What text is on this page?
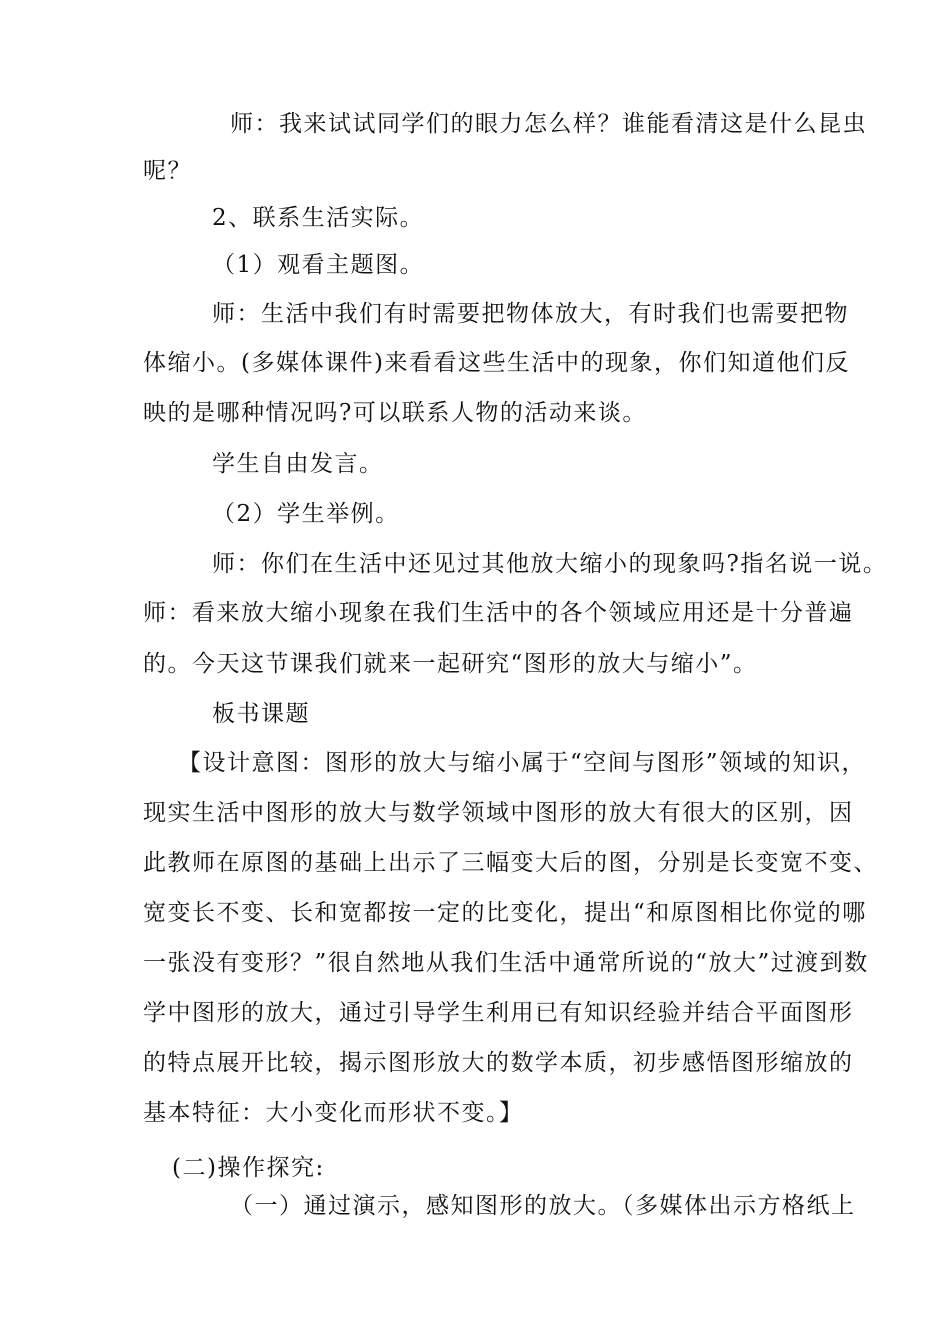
师：我来试试同学们的眼力怎么样？谁能看清这是什么昆虫
呢？
2、联系生活实际。
（1）观看主题图。
师：生活中我们有时需要把物体放大，有时我们也需要把物
体缩小。(多媒体课件)来看看这些生活中的现象，你们知道他们反
映的是哪种情况吗?可以联系人物的活动来谈。
学生自由发言。
（2）学生举例。
师：你们在生活中还见过其他放大缩小的现象吗?指名说一说。
师：看来放大缩小现象在我们生活中的各个领域应用还是十分普遍
的。今天这节课我们就来一起研究“图形的放大与缩小”。
板书课题
【设计意图：图形的放大与缩小属于“空间与图形”领域的知识，
现实生活中图形的放大与数学领域中图形的放大有很大的区别，因
此教师在原图的基础上出示了三幅变大后的图，分别是长变宽不变、
宽变长不变、长和宽都按一定的比变化，提出“和原图相比你觉的哪
一张没有变形？”很自然地从我们生活中通常所说的“放大”过渡到数
学中图形的放大，通过引导学生利用已有知识经验并结合平面图形
的特点展开比较，揭示图形放大的数学本质，初步感悟图形缩放的
基本特征：大小变化而形状不变。】
(二)操作探究:
（一）通过演示，感知图形的放大。（多媒体出示方格纸上
